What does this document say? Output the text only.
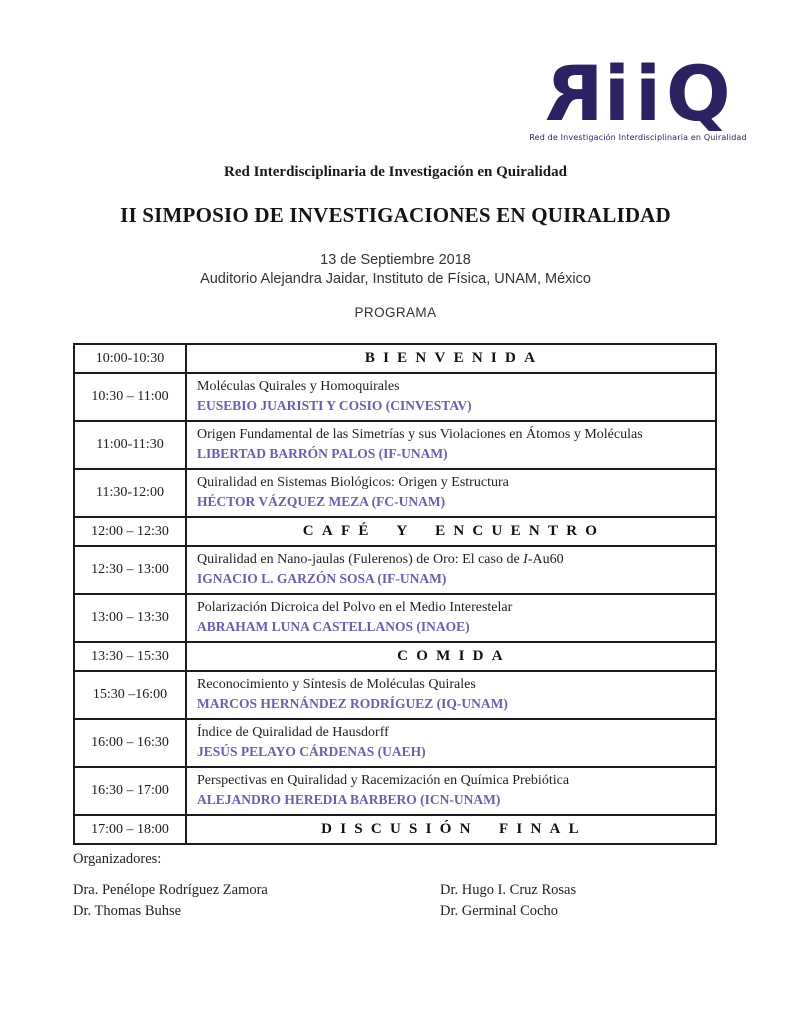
RiiQ
Red de Investigación Interdisciplinaria en Quiralidad
Red Interdisciplinaria de Investigación en Quiralidad
II SIMPOSIO DE INVESTIGACIONES EN QUIRALIDAD
13 de Septiembre 2018
Auditorio Alejandra Jaidar, Instituto de Física, UNAM, México
PROGRAMA
10:00-10:30	BIENVENIDA
10:30 – 11:00	Moléculas Quirales y Homoquirales
EUSEBIO JUARISTI Y COSIO (CINVESTAV)

11:00-11:30	Origen Fundamental de las Simetrías y sus Violaciones en Átomos y Moléculas
LIBERTAD BARRÓN PALOS (IF-UNAM)

11:30-12:00	Quiralidad en Sistemas Biológicos: Origen y Estructura
HÉCTOR VÁZQUEZ MEZA (FC-UNAM)

12:00 – 12:30	CAFÉ Y ENCUENTRO
12:30 – 13:00	Quiralidad en Nano-jaulas (Fulerenos) de Oro: El caso de I-Au60
IGNACIO L. GARZÓN SOSA (IF-UNAM)

13:00 – 13:30	Polarización Dicroica del Polvo en el Medio Interestelar
ABRAHAM LUNA CASTELLANOS (INAOE)

13:30 – 15:30	COMIDA
15:30 –16:00	Reconocimiento y Síntesis de Moléculas Quirales
MARCOS HERNÁNDEZ RODRÍGUEZ (IQ-UNAM)

16:00 – 16:30	Índice de Quiralidad de Hausdorff
JESÚS PELAYO CÁRDENAS (UAEH)

16:30 – 17:00	Perspectivas en Quiralidad y Racemización en Química Prebiótica
ALEJANDRO HEREDIA BARBERO (ICN-UNAM)

17:00 – 18:00	DISCUSIÓN FINAL
Organizadores:
Dra. Penélope Rodríguez Zamora
Dr. Thomas Buhse
Dr. Hugo I. Cruz Rosas
Dr. Germinal Cocho
